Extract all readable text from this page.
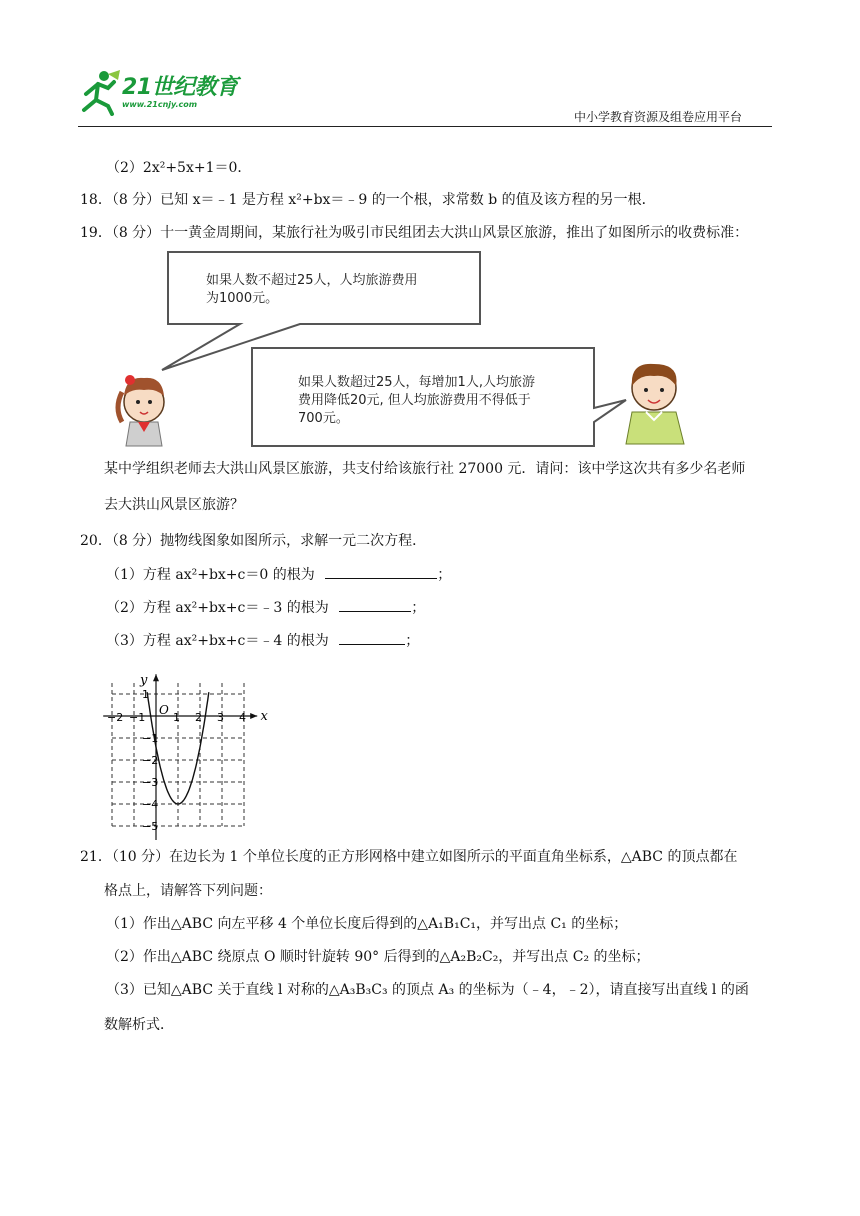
21世纪教育
www.21cnjy.com
中小学教育资源及组卷应用平台
（2）2x²+5x+1＝0．
18．（8 分）已知 x＝﹣1 是方程 x²+bx＝﹣9 的一个根，求常数 b 的值及该方程的另一根．
19．（8 分）十一黄金周期间，某旅行社为吸引市民组团去大洪山风景区旅游，推出了如图所示的收费标准：
如果人数不超过25人，人均旅游费用
为1000元。
如果人数超过25人，每增加1人,人均旅游
费用降低20元, 但人均旅游费用不得低于
700元。
某中学组织老师去大洪山风景区旅游，共支付给该旅行社 27000 元．请问：该中学这次共有多少名老师
去大洪山风景区旅游？
20．（8 分）抛物线图象如图所示，求解一元二次方程．
（1）方程 ax²+bx+c＝0 的根为	；
（2）方程 ax²+bx+c＝﹣3 的根为	；
（3）方程 ax²+bx+c＝﹣4 的根为	；
x
y
O
−2 −1	1 2 3 4
1
−1
−2
−3
−4
−5
21．（10 分）在边长为 1 个单位长度的正方形网格中建立如图所示的平面直角坐标系，△ABC 的顶点都在
格点上，请解答下列问题：
（1）作出△ABC 向左平移 4 个单位长度后得到的△A₁B₁C₁，并写出点 C₁ 的坐标；
（2）作出△ABC 绕原点 O 顺时针旋转 90° 后得到的△A₂B₂C₂，并写出点 C₂ 的坐标；
（3）已知△ABC 关于直线 l 对称的△A₃B₃C₃ 的顶点 A₃ 的坐标为（﹣4，﹣2），请直接写出直线 l 的函
数解析式．
